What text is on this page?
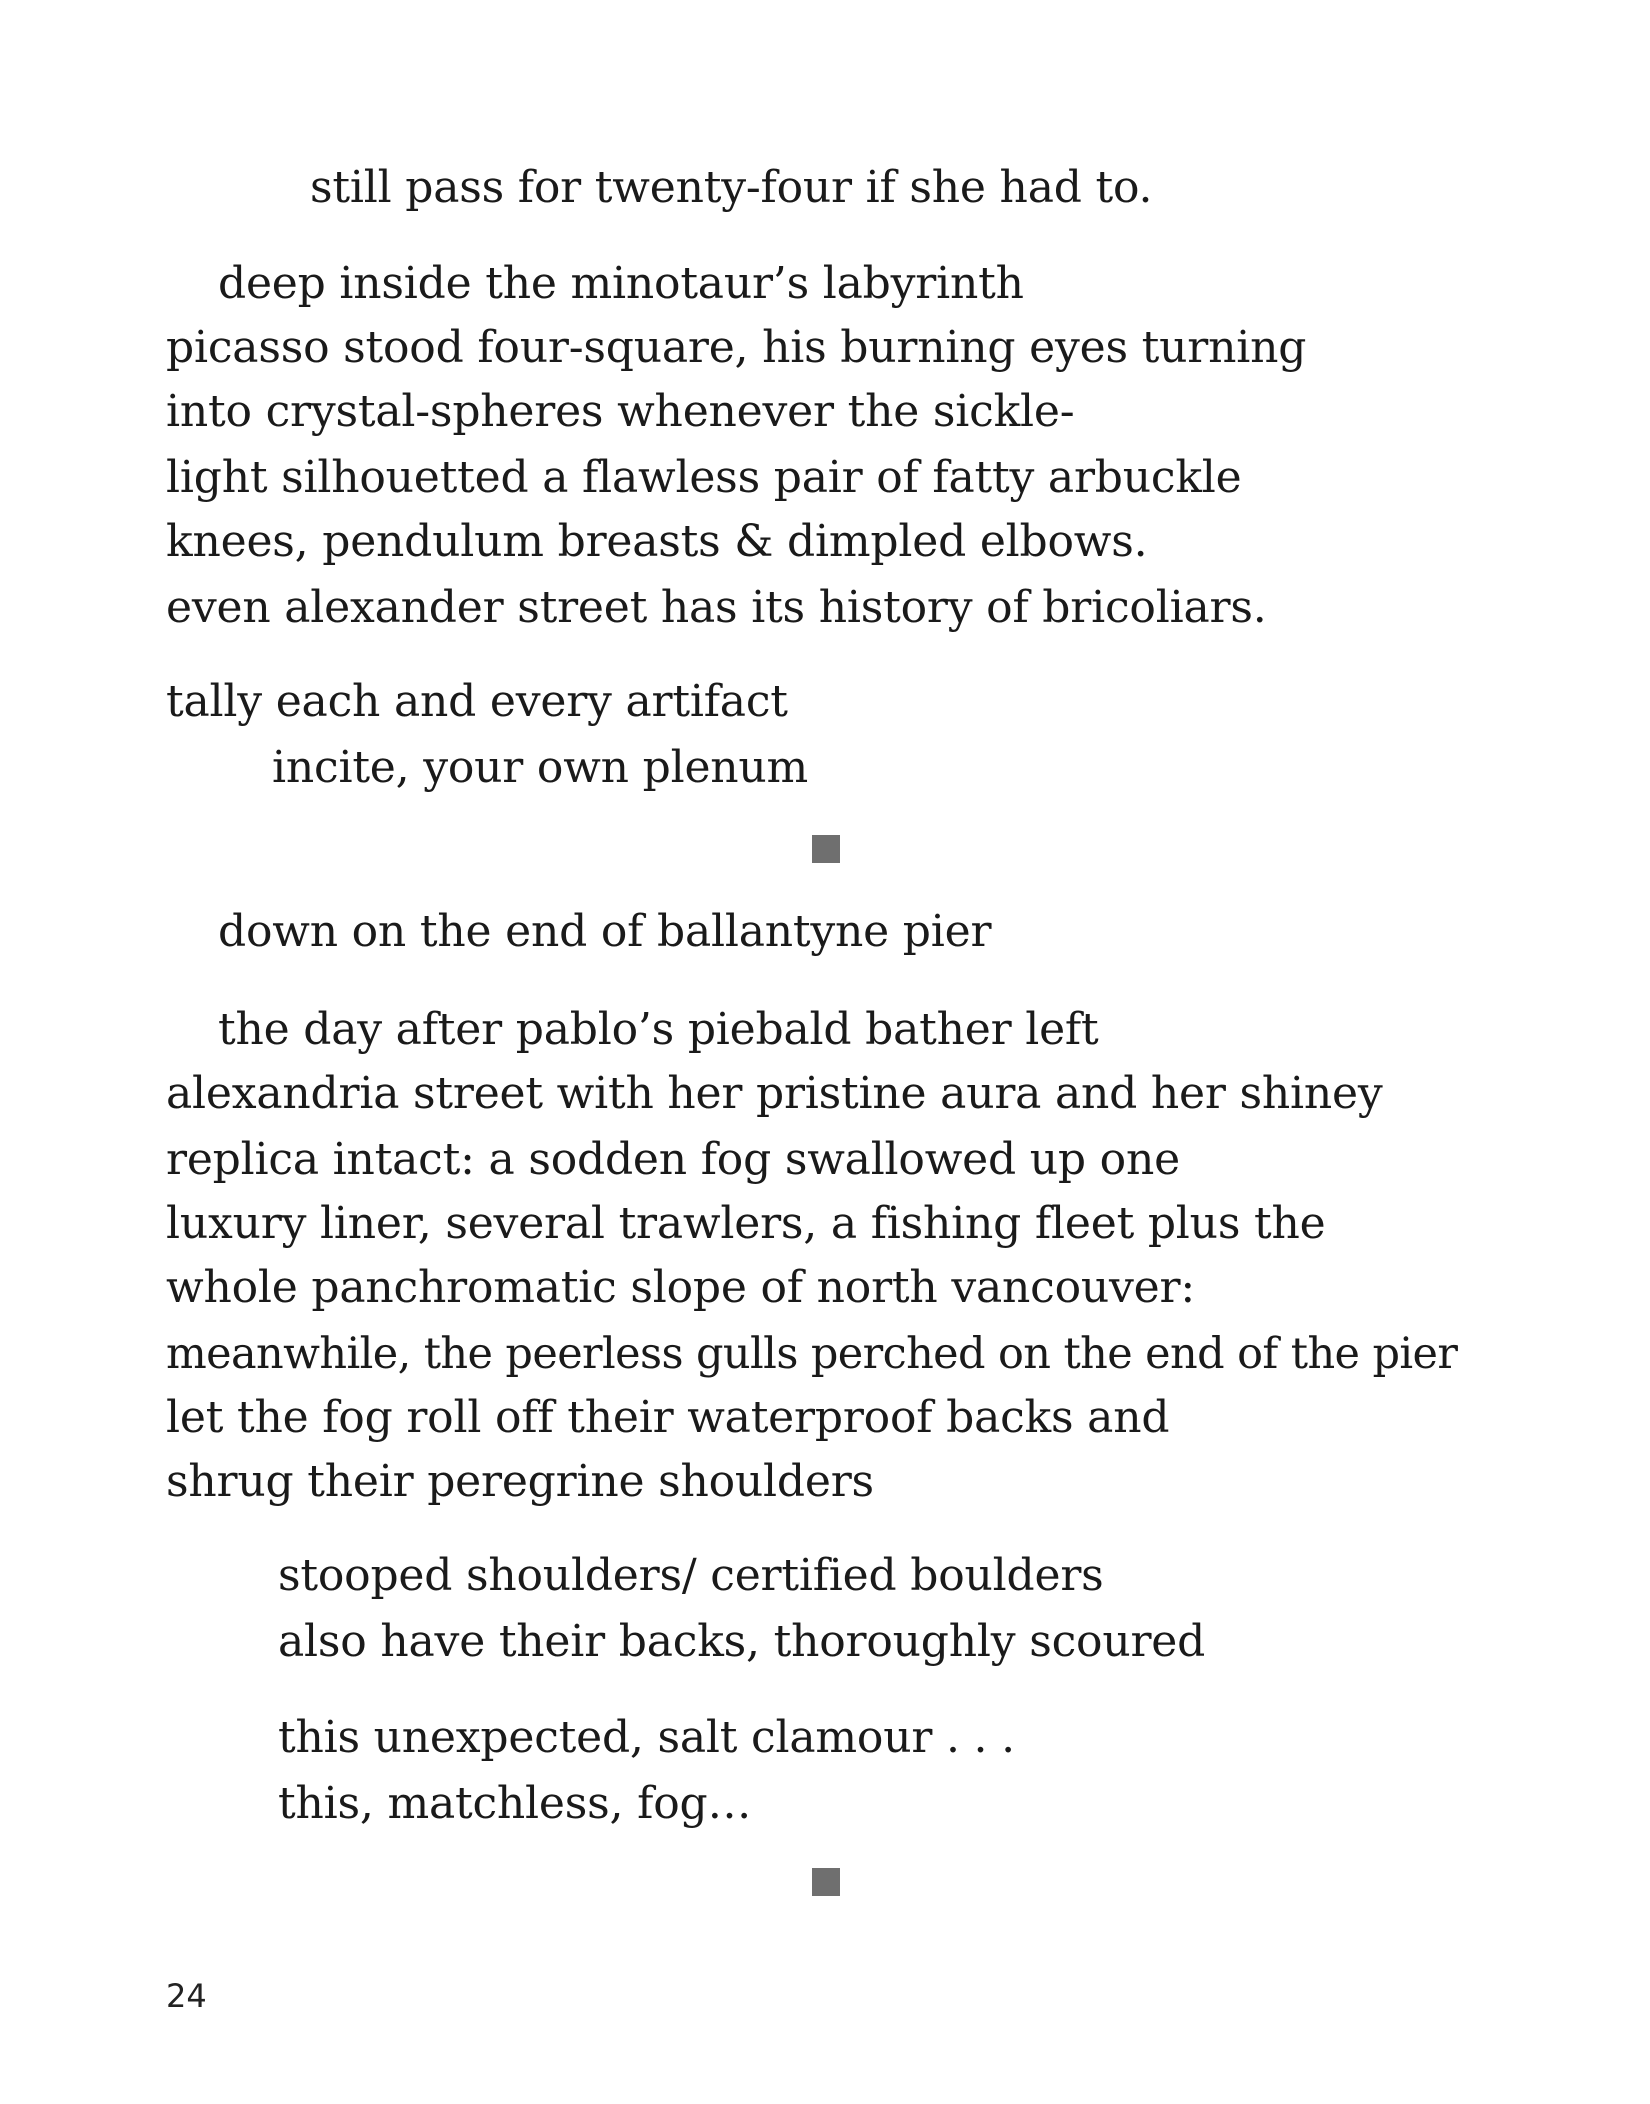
still pass for twenty-four if she had to.
deep inside the minotaur’s labyrinth
picasso stood four-square, his burning eyes turning
into crystal-spheres whenever the sickle-
light silhouetted a flawless pair of fatty arbuckle
knees, pendulum breasts & dimpled elbows.
even alexander street has its history of bricoliars.
tally each and every artifact
incite, your own plenum
down on the end of ballantyne pier
the day after pablo’s piebald bather left
alexandria street with her pristine aura and her shiney
replica intact: a sodden fog swallowed up one
luxury liner, several trawlers, a fishing fleet plus the
whole panchromatic slope of north vancouver:
meanwhile, the peerless gulls perched on the end of the pier
let the fog roll off their waterproof backs and
shrug their peregrine shoulders
stooped shoulders/ certified boulders
also have their backs, thoroughly scoured
this unexpected, salt clamour . . .
this, matchless, fog…
24
